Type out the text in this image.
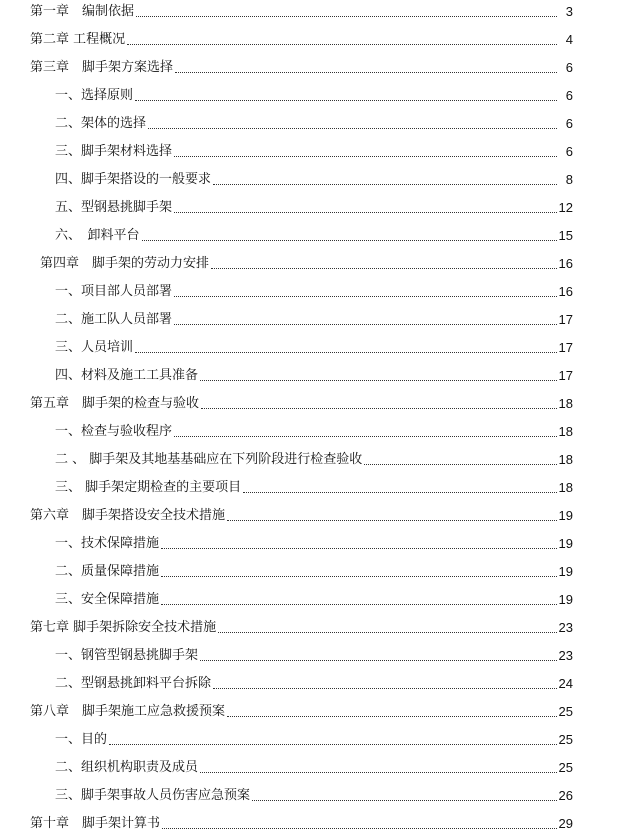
第一章　编制依据	3
第二章 工程概况	4
第三章　脚手架方案选择	6
一、选择原则	6
二、架体的选择	6
三、脚手架材料选择	6
四、脚手架搭设的一般要求	8
五、型钢悬挑脚手架	12
六、　卸料平台	15
第四章　脚手架的劳动力安排	16
一、项目部人员部署	16
二、施工队人员部署	17
三、人员培训	17
四、材料及施工工具准备	17
第五章　脚手架的检查与验收	18
一、检查与验收程序	18
二 、 脚手架及其地基基础应在下列阶段进行检查验收	18
三、 脚手架定期检查的主要项目	18
第六章　脚手架搭设安全技术措施	19
一、技术保障措施	19
二、质量保障措施	19
三、安全保障措施	19
第七章 脚手架拆除安全技术措施	23
一、钢管型钢悬挑脚手架	23
二、型钢悬挑卸料平台拆除	24
第八章　脚手架施工应急救援预案	25
一、目的	25
二、组织机构职责及成员	25
三、脚手架事故人员伤害应急预案	26
第十章　脚手架计算书	29
